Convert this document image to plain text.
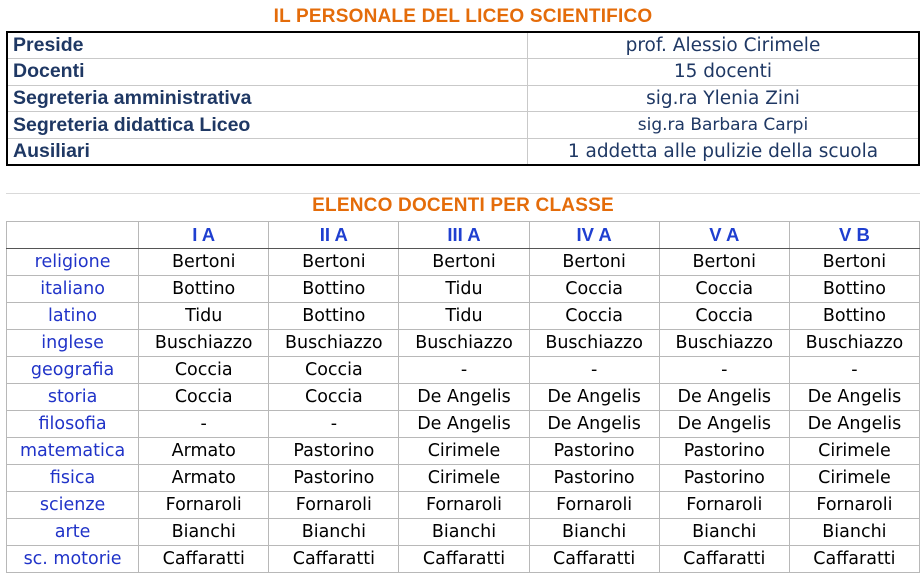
IL PERSONALE DEL LICEO SCIENTIFICO
Preside	prof. Alessio Cirimele
Docenti	15 docenti
Segreteria amministrativa	sig.ra Ylenia Zini
Segreteria didattica Liceo	sig.ra Barbara Carpi
Ausiliari	1 addetta alle pulizie della scuola
ELENCO DOCENTI PER CLASSE
	I A	II A	III A	IV A	V A	V B
religione	Bertoni	Bertoni	Bertoni	Bertoni	Bertoni	Bertoni
italiano	Bottino	Bottino	Tidu	Coccia	Coccia	Bottino
latino	Tidu	Bottino	Tidu	Coccia	Coccia	Bottino
inglese	Buschiazzo	Buschiazzo	Buschiazzo	Buschiazzo	Buschiazzo	Buschiazzo
geografia	Coccia	Coccia	-	-	-	-
storia	Coccia	Coccia	De Angelis	De Angelis	De Angelis	De Angelis
filosofia	-	-	De Angelis	De Angelis	De Angelis	De Angelis
matematica	Armato	Pastorino	Cirimele	Pastorino	Pastorino	Cirimele
fisica	Armato	Pastorino	Cirimele	Pastorino	Pastorino	Cirimele
scienze	Fornaroli	Fornaroli	Fornaroli	Fornaroli	Fornaroli	Fornaroli
arte	Bianchi	Bianchi	Bianchi	Bianchi	Bianchi	Bianchi
sc. motorie	Caffaratti	Caffaratti	Caffaratti	Caffaratti	Caffaratti	Caffaratti
